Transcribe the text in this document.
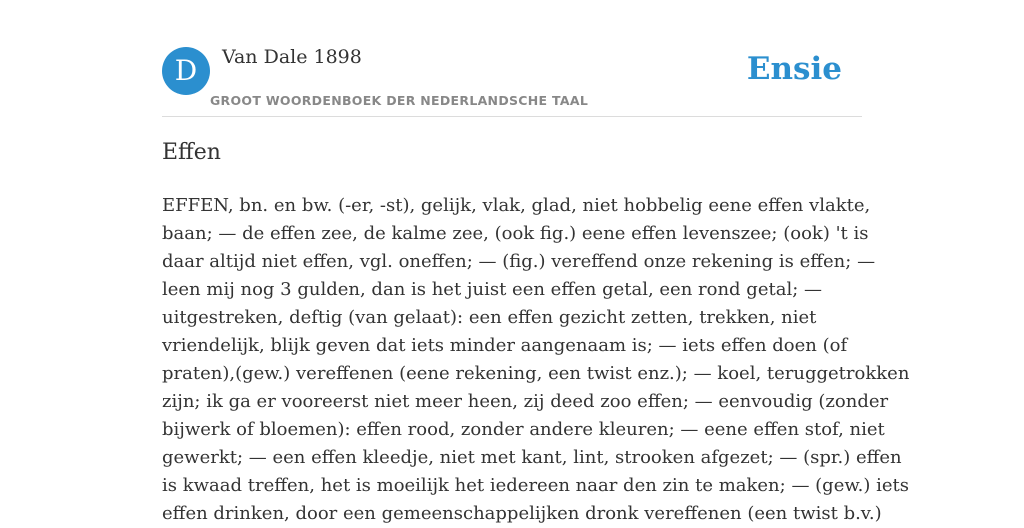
D	Van Dale 1898
GROOT WOORDENBOEK DER NEDERLANDSCHE TAAL
Ensie
Effen
EFFEN, bn. en bw. (-er, -st), gelijk, vlak, glad, niet hobbelig eene effen vlakte,
baan; — de effen zee, de kalme zee, (ook fig.) eene effen levenszee; (ook) 't is
daar altijd niet effen, vgl. oneffen; — (fig.) vereffend onze rekening is effen; —
leen mij nog 3 gulden, dan is het juist een effen getal, een rond getal; —
uitgestreken, deftig (van gelaat): een effen gezicht zetten, trekken, niet
vriendelijk, blijk geven dat iets minder aangenaam is; — iets effen doen (of
praten),(gew.) vereffenen (eene rekening, een twist enz.); — koel, teruggetrokken
zijn; ik ga er vooreerst niet meer heen, zij deed zoo effen; — eenvoudig (zonder
bijwerk of bloemen): effen rood, zonder andere kleuren; — eene effen stof, niet
gewerkt; — een effen kleedje, niet met kant, lint, strooken afgezet; — (spr.) effen
is kwaad treffen, het is moeilijk het iedereen naar den zin te maken; — (gew.) iets
effen drinken, door een gemeenschappelijken dronk vereffenen (een twist b.v.)
